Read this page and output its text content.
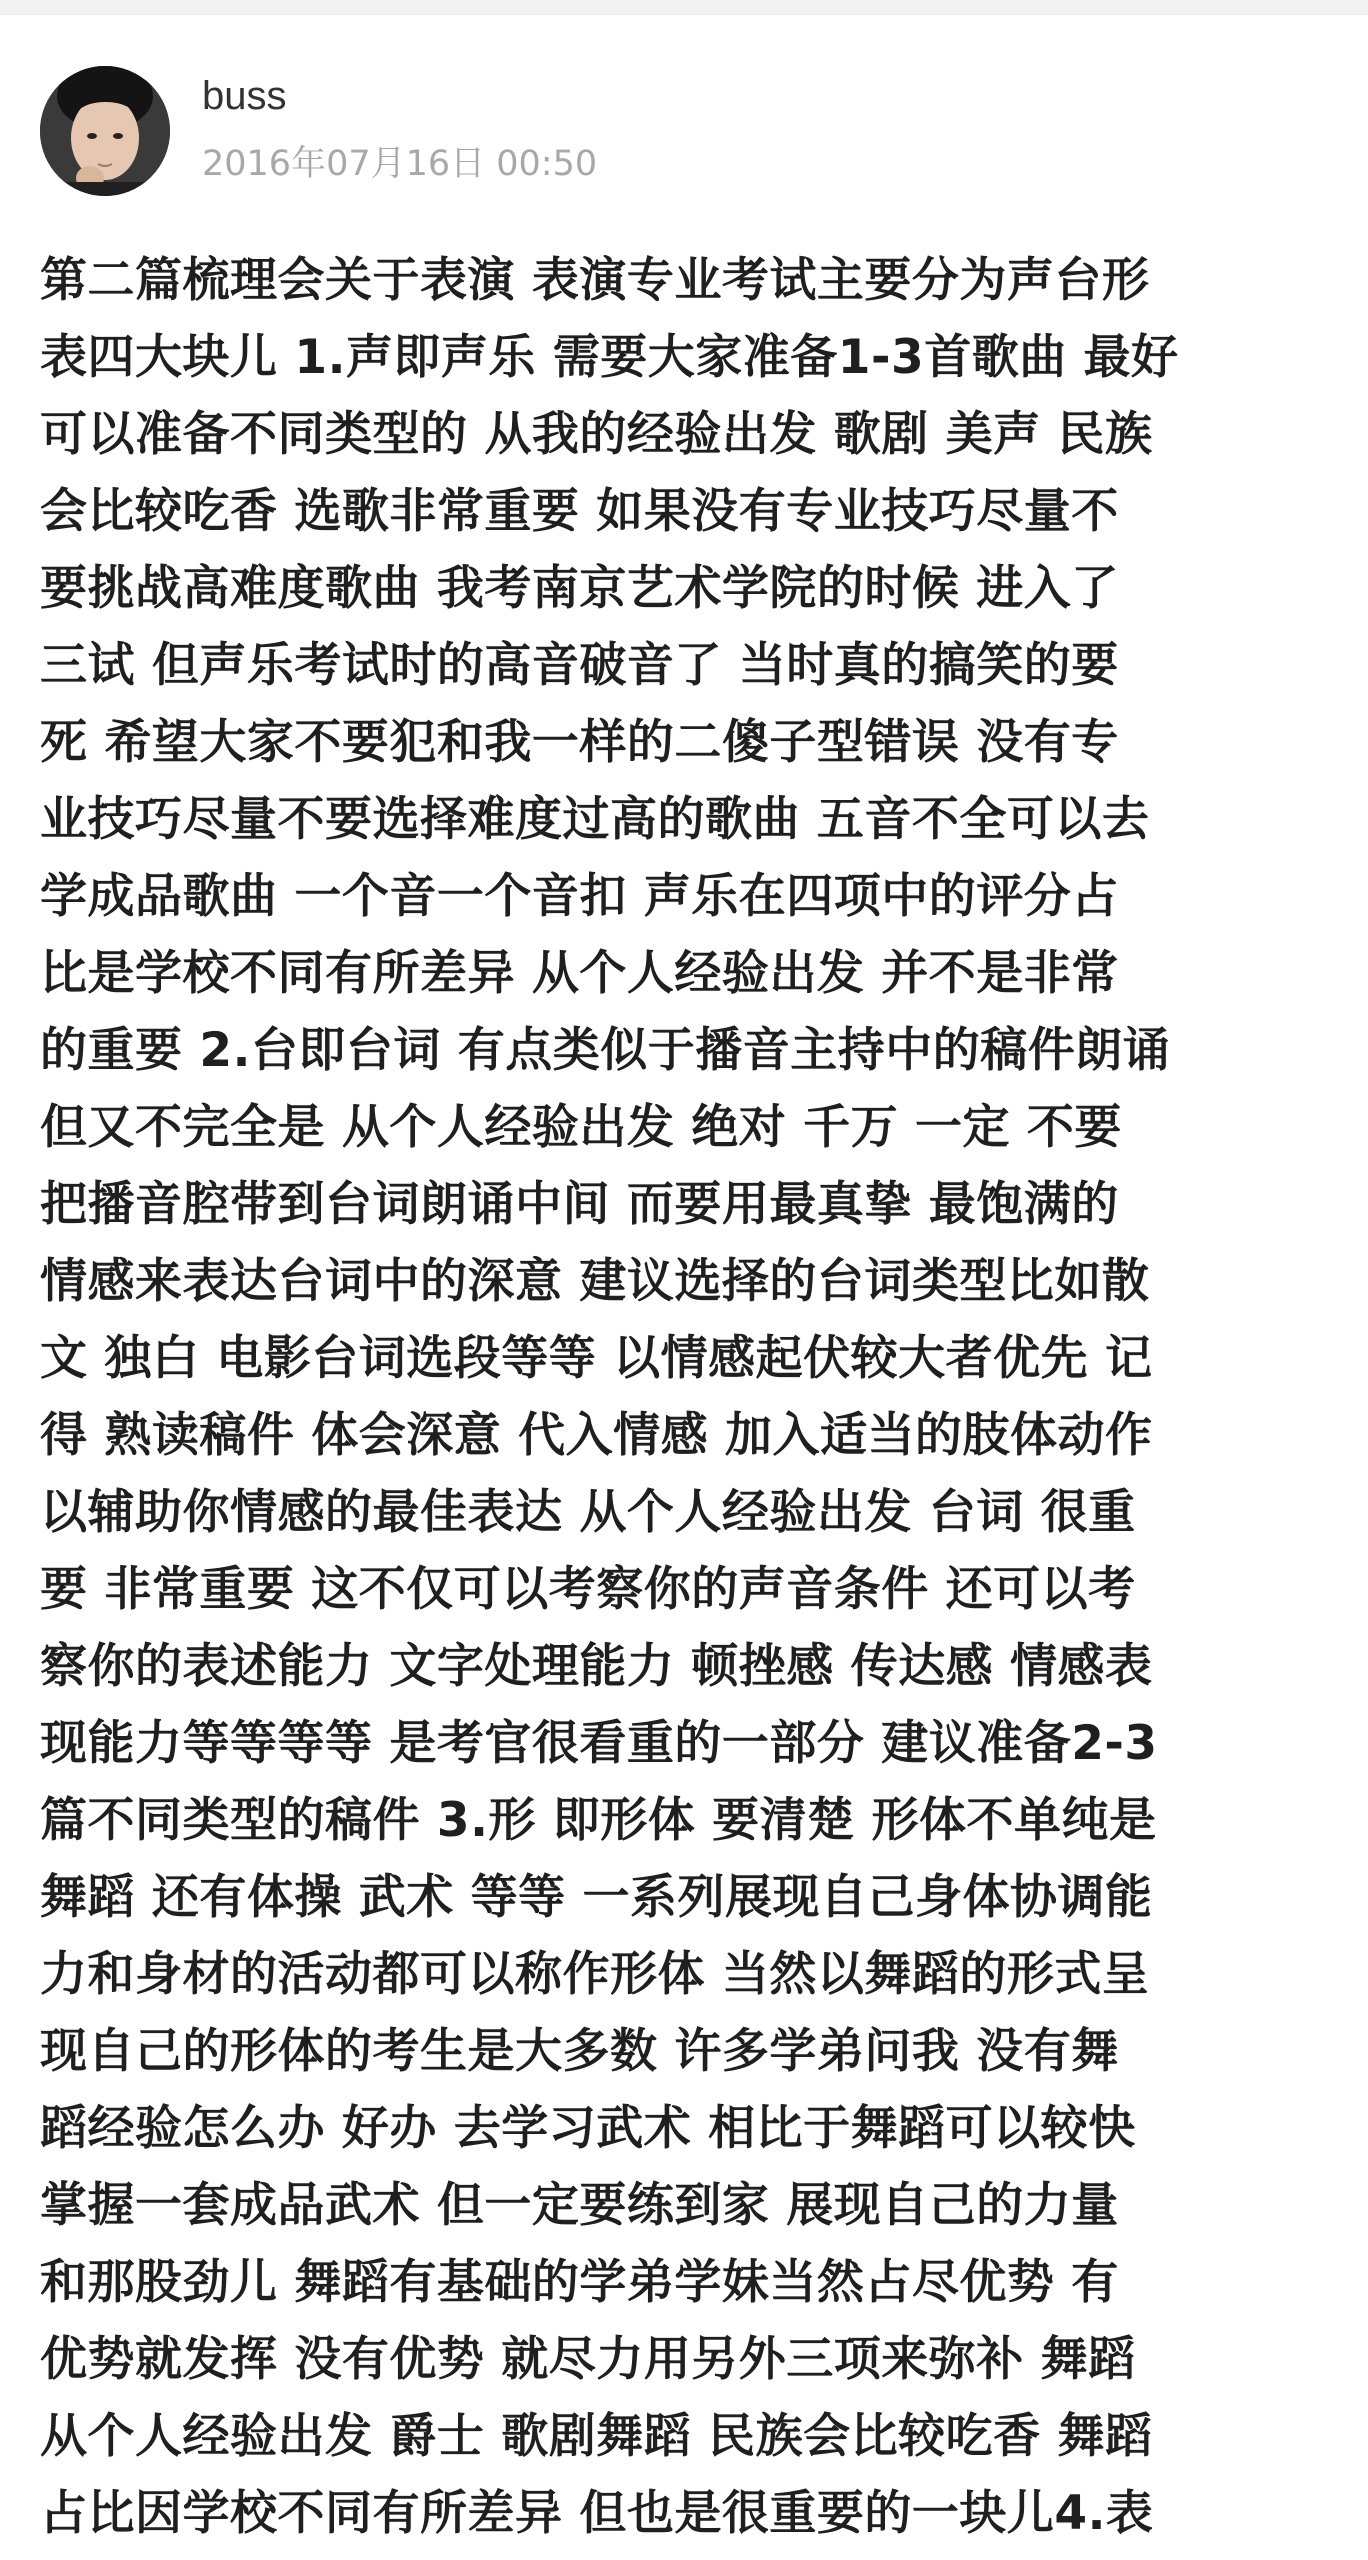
buss
2016年07月16日 00:50
第二篇梳理会关于表演 表演专业考试主要分为声台形
表四大块儿 1.声即声乐 需要大家准备1-3首歌曲 最好
可以准备不同类型的 从我的经验出发 歌剧 美声 民族
会比较吃香 选歌非常重要 如果没有专业技巧尽量不
要挑战高难度歌曲 我考南京艺术学院的时候 进入了
三试 但声乐考试时的高音破音了 当时真的搞笑的要
死 希望大家不要犯和我一样的二傻子型错误 没有专
业技巧尽量不要选择难度过高的歌曲 五音不全可以去
学成品歌曲 一个音一个音扣 声乐在四项中的评分占
比是学校不同有所差异 从个人经验出发 并不是非常
的重要 2.台即台词 有点类似于播音主持中的稿件朗诵
但又不完全是 从个人经验出发 绝对 千万 一定 不要
把播音腔带到台词朗诵中间 而要用最真挚 最饱满的
情感来表达台词中的深意 建议选择的台词类型比如散
文 独白 电影台词选段等等 以情感起伏较大者优先 记
得 熟读稿件 体会深意 代入情感 加入适当的肢体动作
以辅助你情感的最佳表达 从个人经验出发 台词 很重
要 非常重要 这不仅可以考察你的声音条件 还可以考
察你的表述能力 文字处理能力 顿挫感 传达感 情感表
现能力等等等等 是考官很看重的一部分 建议准备2-3
篇不同类型的稿件 3.形 即形体 要清楚 形体不单纯是
舞蹈 还有体操 武术 等等 一系列展现自己身体协调能
力和身材的活动都可以称作形体 当然以舞蹈的形式呈
现自己的形体的考生是大多数 许多学弟问我 没有舞
蹈经验怎么办 好办 去学习武术 相比于舞蹈可以较快
掌握一套成品武术 但一定要练到家 展现自己的力量
和那股劲儿 舞蹈有基础的学弟学妹当然占尽优势 有
优势就发挥 没有优势 就尽力用另外三项来弥补 舞蹈
从个人经验出发 爵士 歌剧舞蹈 民族会比较吃香 舞蹈
占比因学校不同有所差异 但也是很重要的一块儿4.表
